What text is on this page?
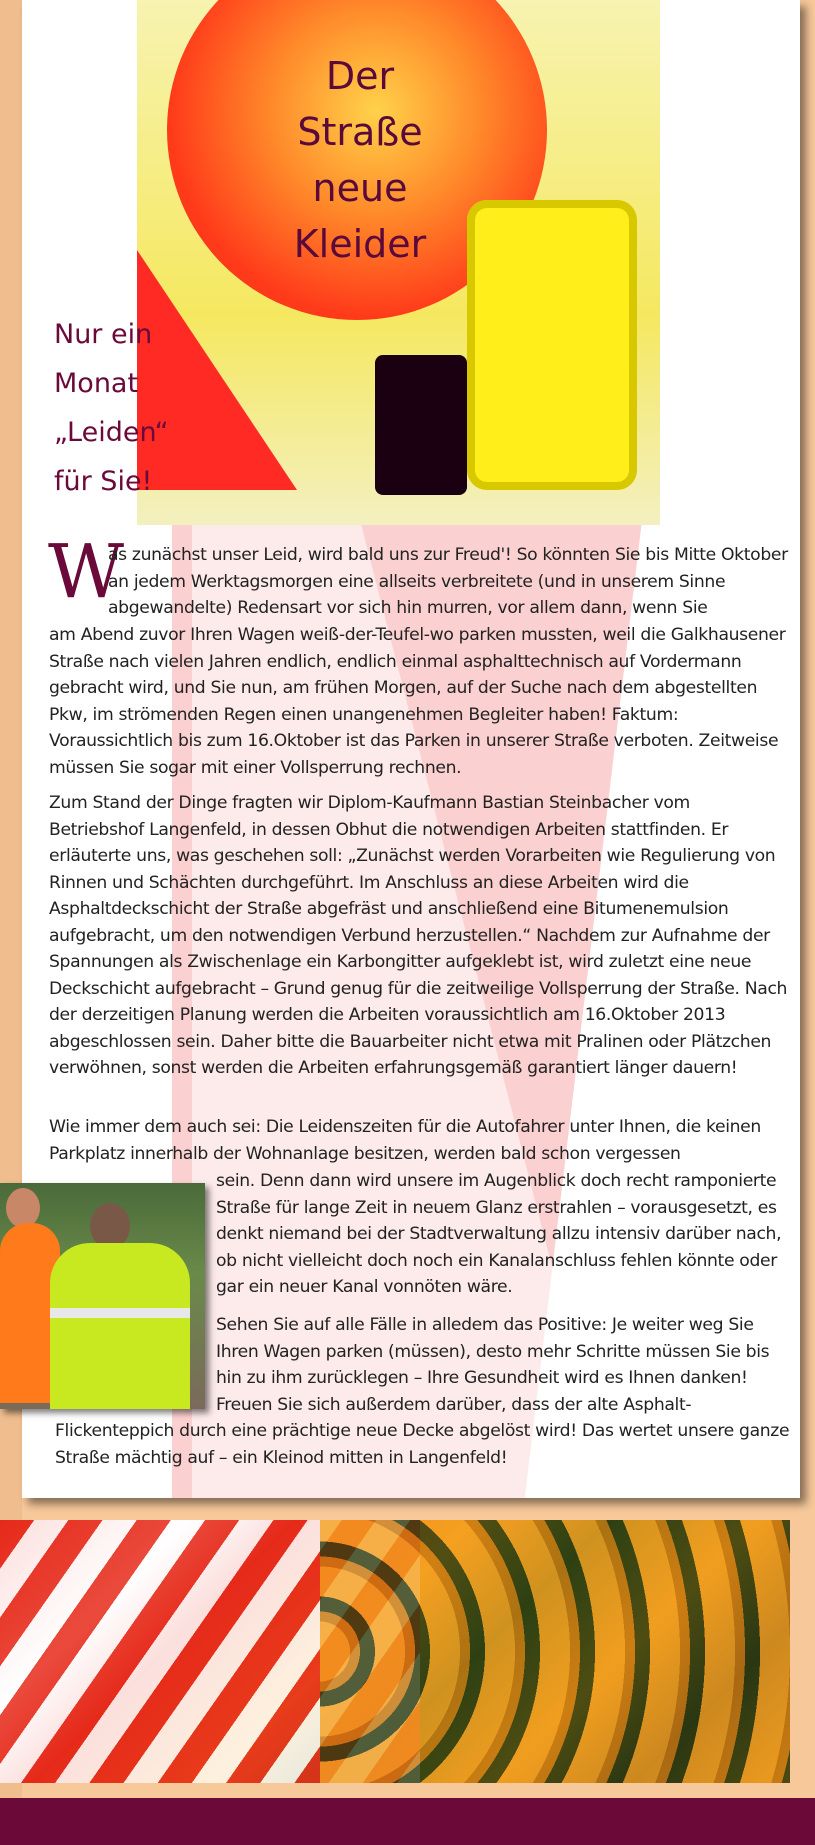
Der
Straße
neue
Kleider
Nur ein
Monat
„Leiden“
für Sie!
W
as zunächst unser Leid, wird bald uns zur Freud'! So könnten Sie bis Mitte Oktober an jedem Werktagsmorgen eine allseits verbreitete (und in unserem Sinne abgewandelte) Redensart vor sich hin murren, vor allem dann, wenn Sie
am Abend zuvor Ihren Wagen weiß-der-Teufel-wo parken mussten, weil die Galkhausener Straße nach vielen Jahren endlich, endlich einmal asphalttechnisch auf Vordermann gebracht wird, und Sie nun, am frühen Morgen, auf der Suche nach dem abgestellten Pkw, im strömenden Regen einen unangenehmen Begleiter haben! Faktum: Voraussichtlich bis zum 16.Oktober ist das Parken in unserer Straße verboten. Zeitweise müssen Sie sogar mit einer Vollsperrung rechnen.
Zum Stand der Dinge fragten wir Diplom-Kaufmann Bastian Steinbacher vom Betriebshof Langenfeld, in dessen Obhut die notwendigen Arbeiten stattfinden. Er erläuterte uns, was geschehen soll: „Zunächst werden Vorarbeiten wie Regulierung von Rinnen und Schächten durchgeführt. Im Anschluss an diese Arbeiten wird die Asphaltdeckschicht der Straße abgefräst und anschließend eine Bitumenemulsion aufgebracht, um den notwendigen Verbund herzustellen.“ Nachdem zur Aufnahme der Spannungen als Zwischenlage ein Karbongitter aufgeklebt ist, wird zuletzt eine neue Deckschicht aufgebracht – Grund genug für die zeitweilige Vollsperrung der Straße. Nach der derzeitigen Planung werden die Arbeiten voraussichtlich am 16.Oktober 2013 abgeschlossen sein. Daher bitte die Bauarbeiter nicht etwa mit Pralinen oder Plätzchen verwöhnen, sonst werden die Arbeiten erfahrungsgemäß garantiert länger dauern!
Wie immer dem auch sei: Die Leidenszeiten für die Autofahrer unter Ihnen, die keinen Parkplatz innerhalb der Wohnanlage besitzen, werden bald schon vergessen
sein. Denn dann wird unsere im Augenblick doch recht ramponierte Straße für lange Zeit in neuem Glanz erstrahlen – vorausgesetzt, es denkt niemand bei der Stadtverwaltung allzu intensiv darüber nach, ob nicht vielleicht doch noch ein Kanalanschluss fehlen könnte oder gar ein neuer Kanal vonnöten wäre.
Sehen Sie auf alle Fälle in alledem das Positive: Je weiter weg Sie Ihren Wagen parken (müssen), desto mehr Schritte müssen Sie bis hin zu ihm zurücklegen – Ihre Gesundheit wird es Ihnen danken! Freuen Sie sich außerdem darüber, dass der alte Asphalt-
Flickenteppich durch eine prächtige neue Decke abgelöst wird! Das wertet unsere ganze Straße mächtig auf – ein Kleinod mitten in Langenfeld!
